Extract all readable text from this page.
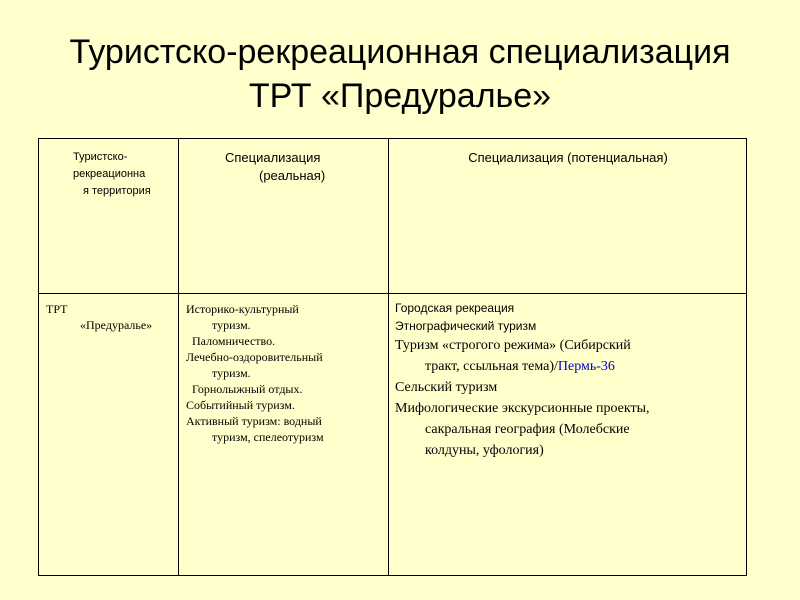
Туристско-рекреационная специализация
ТРТ «Предуралье»
Туристско-
рекреационна
я территория
Специализация
(реальная)
Специализация (потенциальная)
ТРТ
«Предуралье»
Историко-культурный
туризм.
Паломничество.
Лечебно-оздоровительный
туризм.
Горнолыжный отдых.
Событийный туризм.
Активный туризм: водный
туризм, спелеотуризм
Городская рекреация
Этнографический туризм
Туризм «строгого режима» (Сибирский
тракт, ссыльная тема)/Пермь-36
Сельский туризм
Мифологические экскурсионные проекты,
сакральная география (Молебские
колдуны, уфология)
